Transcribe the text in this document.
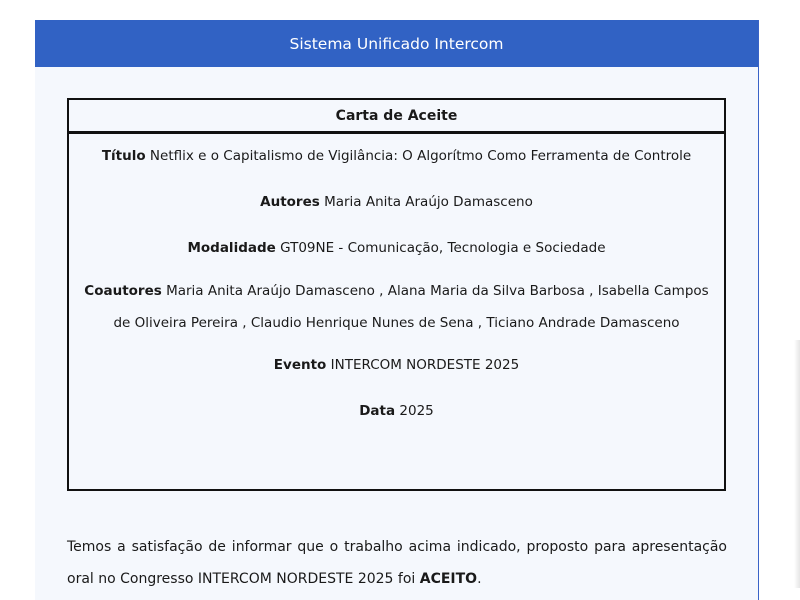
Sistema Unificado Intercom
Carta de Aceite
Título Netflix e o Capitalismo de Vigilância: O Algorítmo Como Ferramenta de Controle
Autores Maria Anita Araújo Damasceno
Modalidade GT09NE - Comunicação, Tecnologia e Sociedade
Coautores Maria Anita Araújo Damasceno , Alana Maria da Silva Barbosa , Isabella Campos de Oliveira Pereira , Claudio Henrique Nunes de Sena , Ticiano Andrade Damasceno
Evento INTERCOM NORDESTE 2025
Data 2025
Temos a satisfação de informar que o trabalho acima indicado, proposto para apresentação oral no Congresso INTERCOM NORDESTE 2025 foi ACEITO.
